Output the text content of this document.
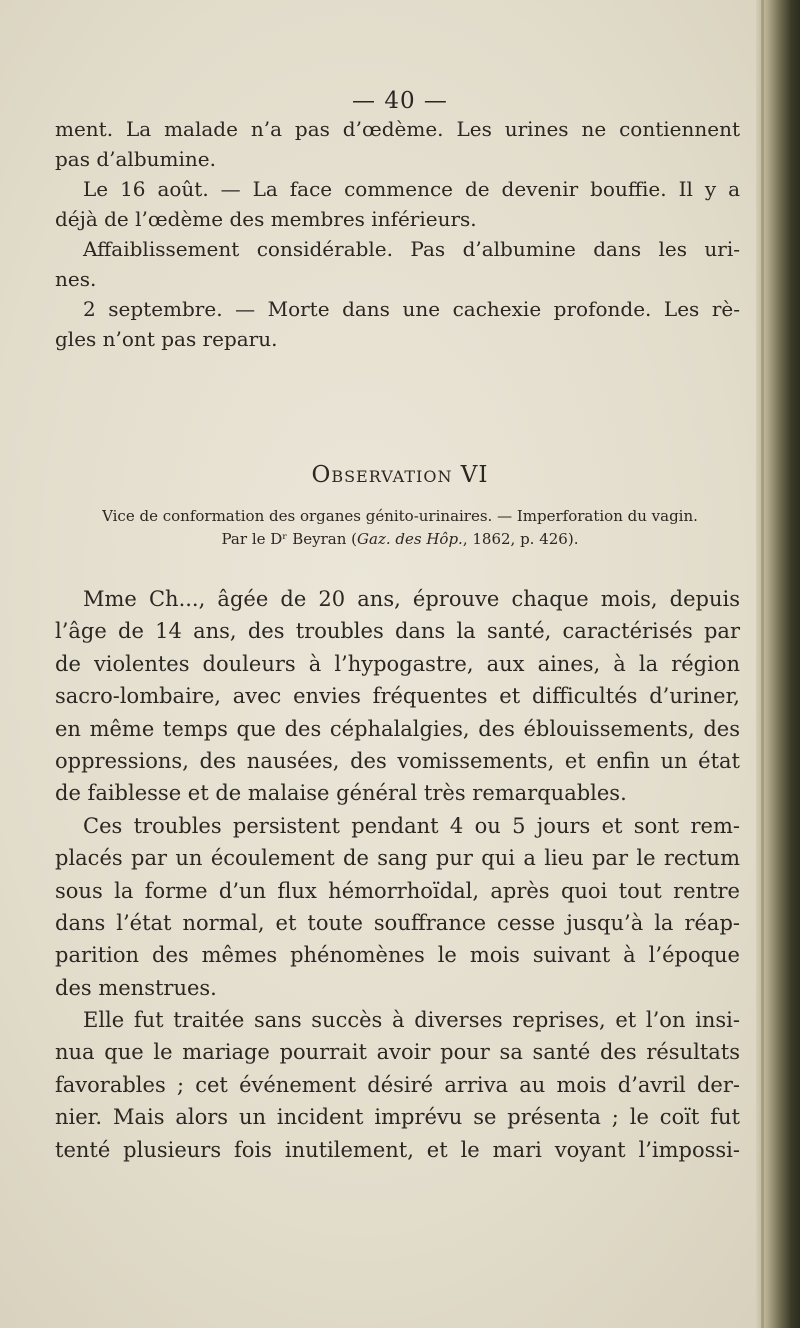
— 40 —
ment. La malade n’a pas d’œdème. Les urines ne contiennent
pas d’albumine.
Le 16 août. — La face commence de devenir bouffie. Il y a
déjà de l’œdème des membres inférieurs.
Affaiblissement considérable. Pas d’albumine dans les uri-
nes.
2 septembre. — Morte dans une cachexie profonde. Les rè-
gles n’ont pas reparu.
Observation VI
Vice de conformation des organes génito-urinaires. — Imperforation du vagin.
Par le Dʳ Beyran (Gaz. des Hôp., 1862, p. 426).
Mme Ch..., âgée de 20 ans, éprouve chaque mois, depuis
l’âge de 14 ans, des troubles dans la santé, caractérisés par
de violentes douleurs à l’hypogastre, aux aines, à la région
sacro-lombaire, avec envies fréquentes et difficultés d’uriner,
en même temps que des céphalalgies, des éblouissements, des
oppressions, des nausées, des vomissements, et enfin un état
de faiblesse et de malaise général très remarquables.
Ces troubles persistent pendant 4 ou 5 jours et sont rem-
placés par un écoulement de sang pur qui a lieu par le rectum
sous la forme d’un flux hémorrhoïdal, après quoi tout rentre
dans l’état normal, et toute souffrance cesse jusqu’à la réap-
parition des mêmes phénomènes le mois suivant à l’époque
des menstrues.
Elle fut traitée sans succès à diverses reprises, et l’on insi-
nua que le mariage pourrait avoir pour sa santé des résultats
favorables ; cet événement désiré arriva au mois d’avril der-
nier. Mais alors un incident imprévu se présenta ; le coït fut
tenté plusieurs fois inutilement, et le mari voyant l’impossi-
